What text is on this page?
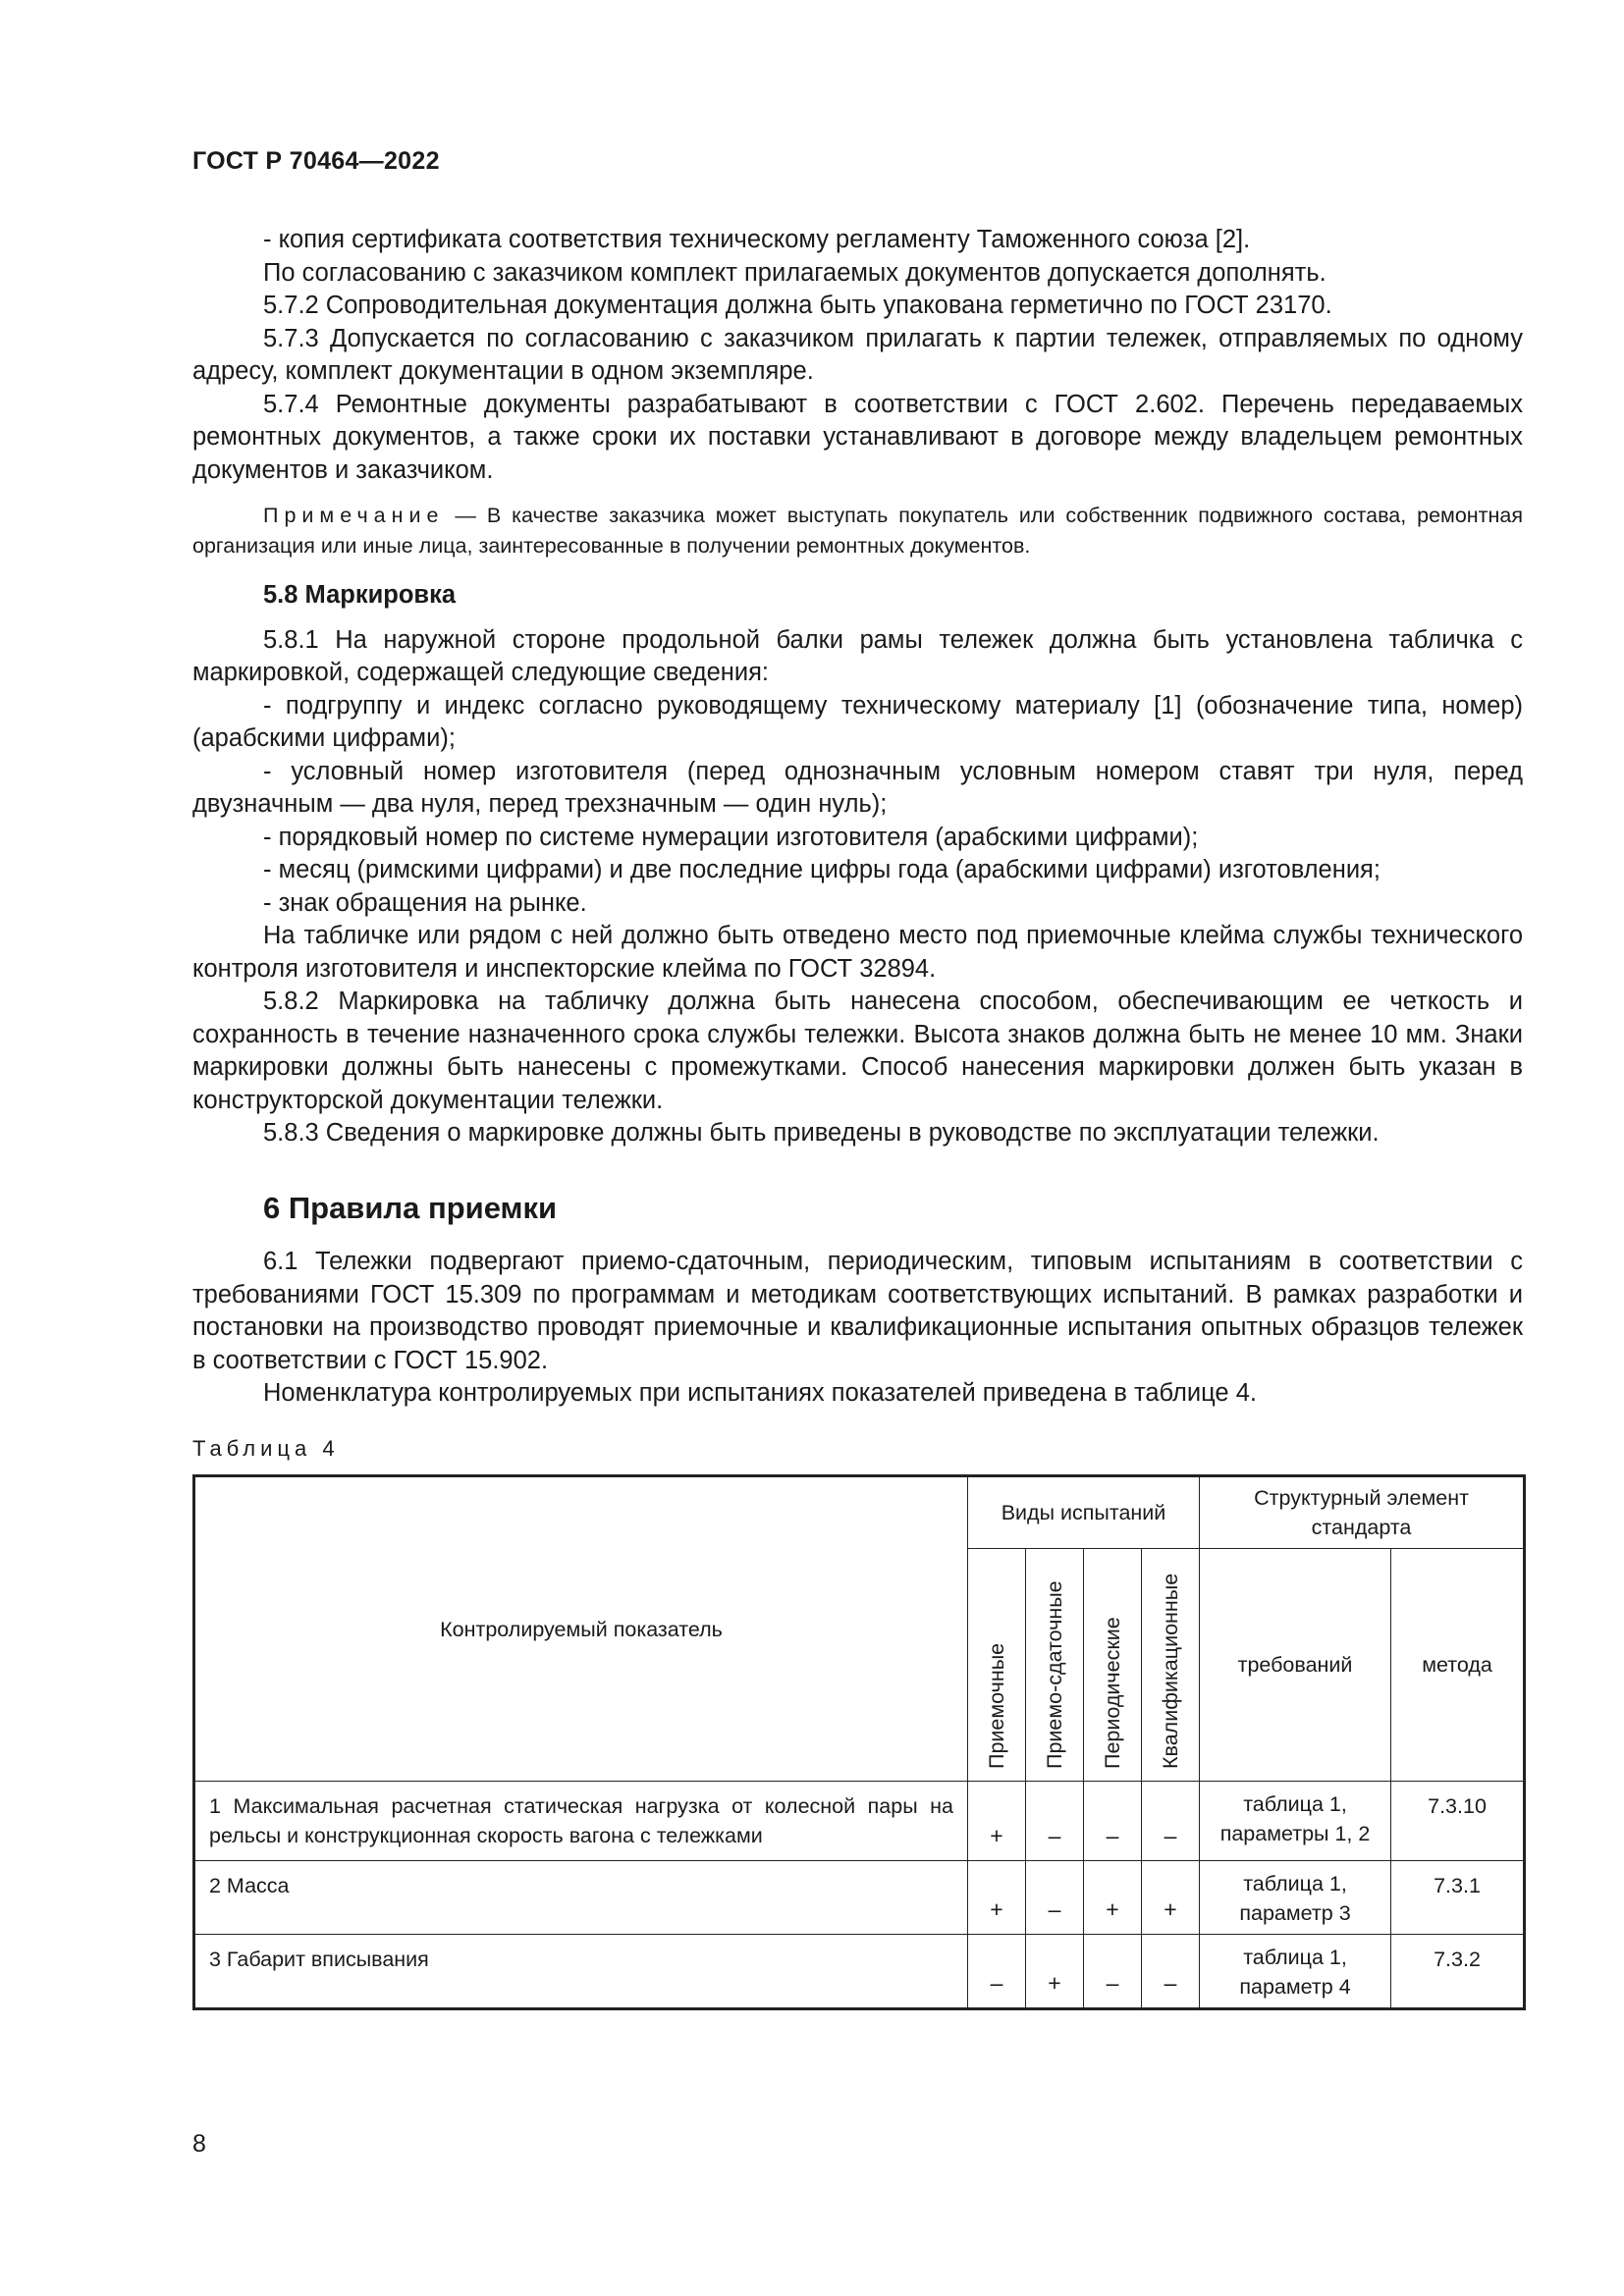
ГОСТ Р 70464—2022

- копия сертификата соответствия техническому регламенту Таможенного союза [2].

По согласованию с заказчиком комплект прилагаемых документов допускается дополнять.

5.7.2 Сопроводительная документация должна быть упакована герметично по ГОСТ 23170.

5.7.3 Допускается по согласованию с заказчиком прилагать к партии тележек, отправляемых по одному адресу, комплект документации в одном экземпляре.

5.7.4 Ремонтные документы разрабатывают в соответствии с ГОСТ 2.602. Перечень передаваемых ремонтных документов, а также сроки их поставки устанавливают в договоре между владельцем ремонтных документов и заказчиком.

Примечание — В качестве заказчика может выступать покупатель или собственник подвижного состава, ремонтная организация или иные лица, заинтересованные в получении ремонтных документов.

5.8 Маркировка

5.8.1 На наружной стороне продольной балки рамы тележек должна быть установлена табличка с маркировкой, содержащей следующие сведения:

- подгруппу и индекс согласно руководящему техническому материалу [1] (обозначение типа, номер) (арабскими цифрами);

- условный номер изготовителя (перед однозначным условным номером ставят три нуля, перед двузначным — два нуля, перед трехзначным — один нуль);

- порядковый номер по системе нумерации изготовителя (арабскими цифрами);

- месяц (римскими цифрами) и две последние цифры года (арабскими цифрами) изготовления;

- знак обращения на рынке.

На табличке или рядом с ней должно быть отведено место под приемочные клейма службы технического контроля изготовителя и инспекторские клейма по ГОСТ 32894.

5.8.2 Маркировка на табличку должна быть нанесена способом, обеспечивающим ее четкость и сохранность в течение назначенного срока службы тележки. Высота знаков должна быть не менее 10 мм. Знаки маркировки должны быть нанесены с промежутками. Способ нанесения маркировки должен быть указан в конструкторской документации тележки.

5.8.3 Сведения о маркировке должны быть приведены в руководстве по эксплуатации тележки.

6 Правила приемки

6.1 Тележки подвергают приемо-сдаточным, периодическим, типовым испытаниям в соответствии с требованиями ГОСТ 15.309 по программам и методикам соответствующих испытаний. В рамках разработки и постановки на производство проводят приемочные и квалификационные испытания опытных образцов тележек в соответствии с ГОСТ 15.902.

Номенклатура контролируемых при испытаниях показателей приведена в таблице 4.

Таблица 4
Контролируемый показатель	Виды испытаний				Структурный элемент стандарта	

	Приемочные	Приемо-сдаточные	Периодические	Квалификационные	требований	метода
1 Максимальная расчетная статическая нагрузка от колесной пары на рельсы и конструкционная скорость вагона с тележками	+	–	–	–	таблица 1, параметры 1, 2	7.3.10
2 Масса	+	–	+	+	таблица 1, параметр 3	7.3.1
3 Габарит вписывания	–	+	–	–	таблица 1, параметр 4	7.3.2
8
